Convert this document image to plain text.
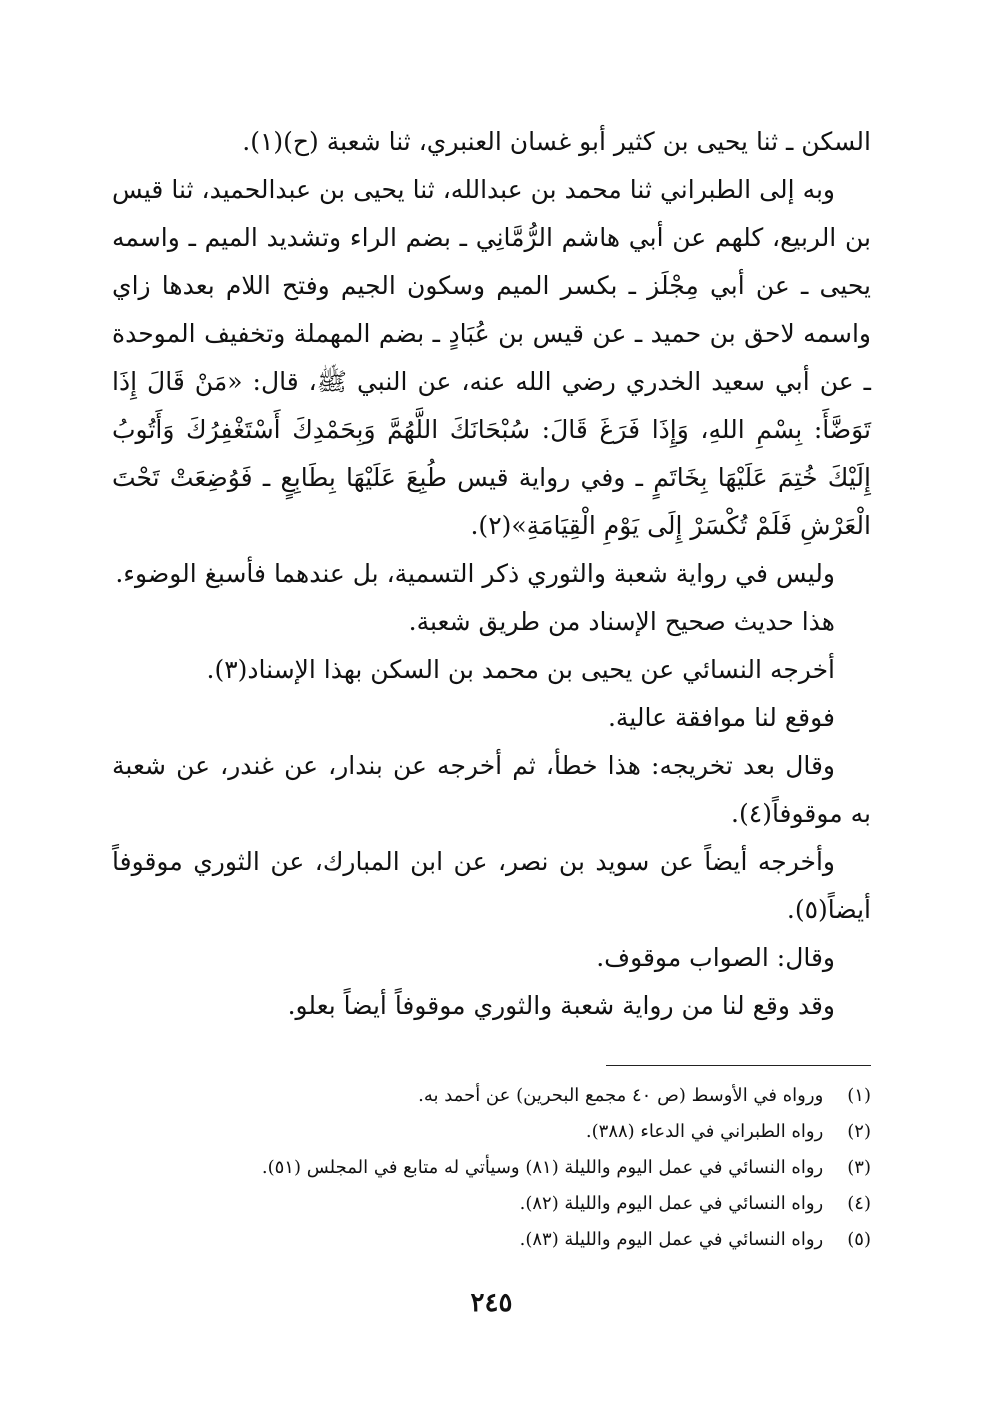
السكن ـ ثنا يحيى بن كثير أبو غسان العنبري، ثنا شعبة (ح)(١).

وبه إلى الطبراني ثنا محمد بن عبدالله، ثنا يحيى بن عبدالحميد، ثنا قيس بن الربيع، كلهم عن أبي هاشم الرُّمَّانِي ـ بضم الراء وتشديد الميم ـ واسمه يحيى ـ عن أبي مِجْلَز ـ بكسر الميم وسكون الجيم وفتح اللام بعدها زاي واسمه لاحق بن حميد ـ عن قيس بن عُبَادٍ ـ بضم المهملة وتخفيف الموحدة ـ عن أبي سعيد الخدري رضي الله عنه، عن النبي ﷺ، قال: «مَنْ قَالَ إِذَا تَوَضَّأَ: بِسْمِ اللهِ، وَإِذَا فَرَغَ قَالَ: سُبْحَانَكَ اللَّهُمَّ وَبِحَمْدِكَ أَسْتَغْفِرُكَ وَأَتُوبُ إِلَيْكَ خُتِمَ عَلَيْهَا بِخَاتَمٍ ـ وفي رواية قيس طُبِعَ عَلَيْهَا بِطَابِعٍ ـ فَوُضِعَتْ تَحْتَ الْعَرْشِ فَلَمْ تُكْسَرْ إِلَى يَوْمِ الْقِيَامَةِ»(٢).

وليس في رواية شعبة والثوري ذكر التسمية، بل عندهما فأسبغ الوضوء.

هذا حديث صحيح الإسناد من طريق شعبة.

أخرجه النسائي عن يحيى بن محمد بن السكن بهذا الإسناد(٣).

فوقع لنا موافقة عالية.

وقال بعد تخريجه: هذا خطأ، ثم أخرجه عن بندار، عن غندر، عن شعبة به موقوفاً(٤).

وأخرجه أيضاً عن سويد بن نصر، عن ابن المبارك، عن الثوري موقوفاً أيضاً(٥).

وقال: الصواب موقوف.

وقد وقع لنا من رواية شعبة والثوري موقوفاً أيضاً بعلو.

(١) ورواه في الأوسط (ص ٤٠ مجمع البحرين) عن أحمد به.

(٢) رواه الطبراني في الدعاء (٣٨٨).

(٣) رواه النسائي في عمل اليوم والليلة (٨١) وسيأتي له متابع في المجلس (٥١).

(٤) رواه النسائي في عمل اليوم والليلة (٨٢).

(٥) رواه النسائي في عمل اليوم والليلة (٨٣).

٢٤٥
